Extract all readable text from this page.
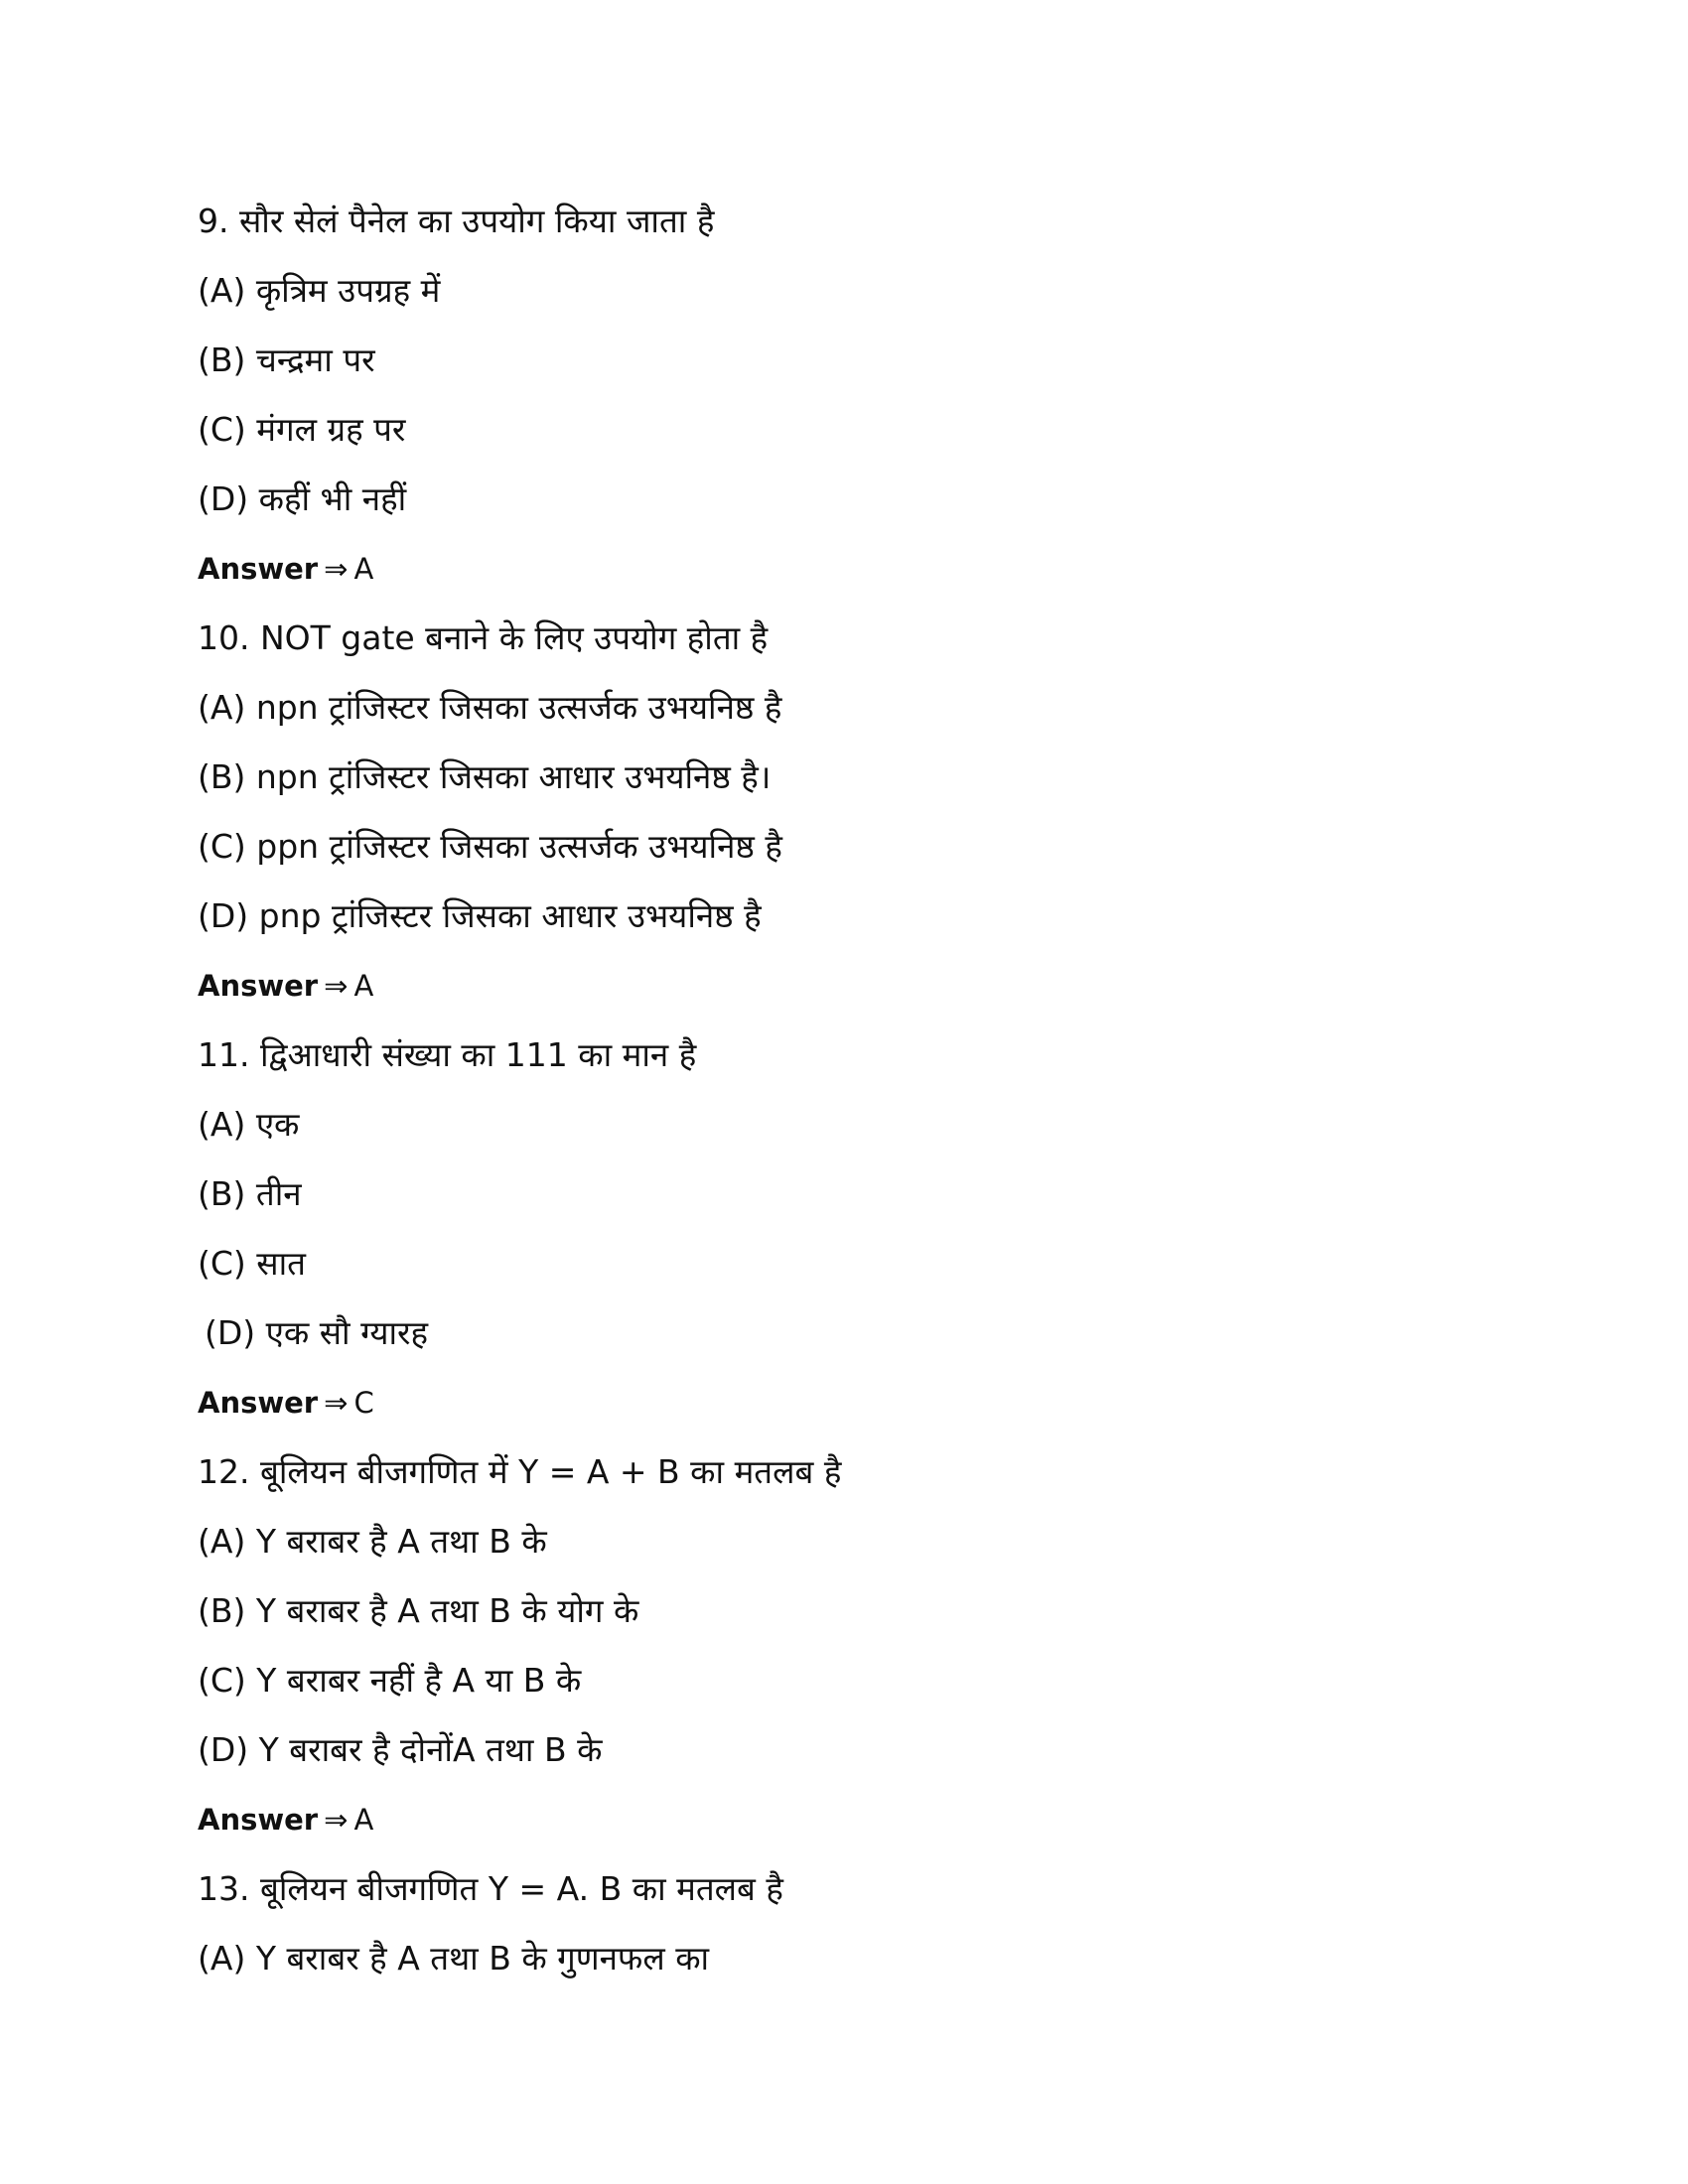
9. सौर सेलं पैनेल का उपयोग किया जाता है
(A) कृत्रिम उपग्रह में
(B) चन्द्रमा पर
(C) मंगल ग्रह पर
(D) कहीं भी नहीं
Answer ⇒ A
10. NOT gate बनाने के लिए उपयोग होता है
(A) npn ट्रांजिस्टर जिसका उत्सर्जक उभयनिष्ठ है
(B) npn ट्रांजिस्टर जिसका आधार उभयनिष्ठ है।
(C) ppn ट्रांजिस्टर जिसका उत्सर्जक उभयनिष्ठ है
(D) pnp ट्रांजिस्टर जिसका आधार उभयनिष्ठ है
Answer ⇒ A
11. द्विआधारी संख्या का 111 का मान है
(A) एक
(B) तीन
(C) सात
(D) एक सौ ग्यारह
Answer ⇒ C
12. बूलियन बीजगणित में Y = A + B का मतलब है
(A) Y बराबर है A तथा B के
(B) Y बराबर है A तथा B के योग के
(C) Y बराबर नहीं है A या B के
(D) Y बराबर है दोनोंA तथा B के
Answer ⇒ A
13. बूलियन बीजगणित Y = A. B का मतलब है
(A) Y बराबर है A तथा B के गुणनफल का
